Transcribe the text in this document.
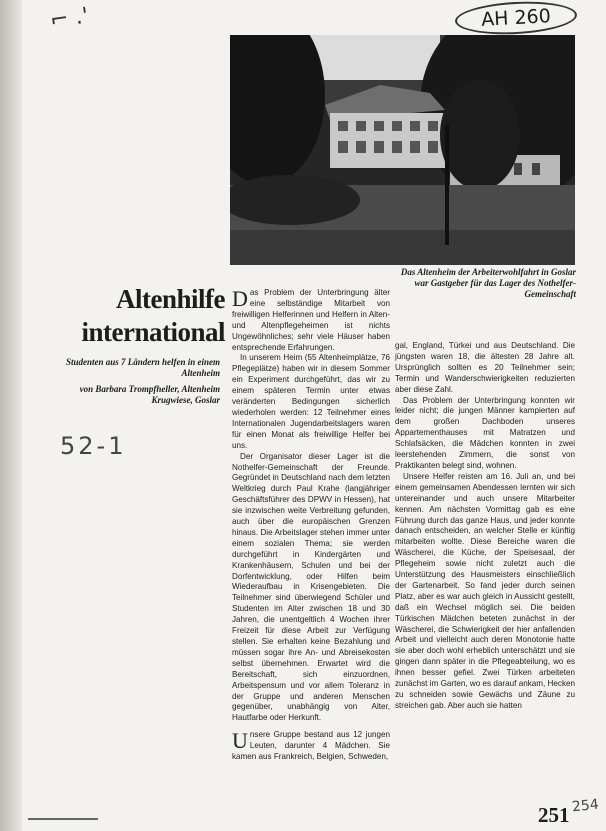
⌐ .'	AH 260
Das Altenheim der Arbeiterwohlfahrt in Goslar war Gastgeber für das Lager des Nothelfer-Gemeinschaft
Altenhilfe
international
Studenten aus 7 Ländern helfen in einem Altenheim
von Barbara Trompfheller, Altenheim Krugwiese, Goslar
52-1

Das Problem der Unterbringung älter eine selbständige Mitarbeit von freiwilligen Helferinnen und Helfern in Alten- und Altenpflegeheimen ist nichts Ungewöhnliches; sehr viele Häuser haben entsprechende Erfahrungen.

In unserem Heim (55 Altenheimplätze, 76 Pflegeplätze) haben wir in diesem Sommer ein Experiment durchgeführt, das wir zu einem späteren Termin unter etwas veränderten Bedingungen sicherlich wiederholen werden: 12 Teilnehmer eines Internationalen Jugendarbeitslagers waren für einen Monat als freiwillige Helfer bei uns.

Der Organisator dieser Lager ist die Nothelfer-Gemeinschaft der Freunde. Gegründet in Deutschland nach dem letzten Weltkrieg durch Paul Krahe (langjähriger Geschäftsführer des DPWV in Hessen), hat sie inzwischen weite Verbreitung gefunden, auch über die europäischen Grenzen hinaus. Die Arbeitslager stehen immer unter einem sozialen Thema; sie werden durchgeführt in Kindergärten und Krankenhäusern, Schulen und bei der Dorfentwicklung, oder Hilfen beim Wiederaufbau in Krisengebieten. Die Teilnehmer sind überwiegend Schüler und Studenten im Alter zwischen 18 und 30 Jahren, die unentgeltlich 4 Wochen ihrer Freizeit für diese Arbeit zur Verfügung stellen. Sie erhalten keine Bezahlung und müssen sogar ihre An- und Abreisekosten selbst übernehmen. Erwartet wird die Bereitschaft, sich einzuordnen, Arbeitspensum und vor allem Toleranz in der Gruppe und anderen Menschen gegenüber, unabhängig von Alter, Hautfarbe oder Herkunft.

Unsere Gruppe bestand aus 12 jungen Leuten, darunter 4 Mädchen. Sie kamen aus Frankreich, Belgien, Schweden,

gal, England, Türkei und aus Deutschland. Die jüngsten waren 18, die ältesten 28 Jahre alt. Ursprünglich sollten es 20 Teilnehmer sein; Termin und Wanderschwierigkeiten reduzierten aber diese Zahl.

Das Problem der Unterbringung konnten wir leider nicht; die jungen Männer kampierten auf dem großen Dachboden unseres Appartementhauses mit Matratzen und Schlafsäcken, die Mädchen konnten in zwei leerstehenden Zimmern, die sonst von Praktikanten belegt sind, wohnen.

Unsere Helfer reisten am 16. Juli an, und bei einem gemeinsamen Abendessen lernten wir sich untereinander und auch unsere Mitarbeiter kennen. Am nächsten Vormittag gab es eine Führung durch das ganze Haus, und jeder konnte danach entscheiden, an welcher Stelle er künftig mitarbeiten wollte. Diese Bereiche waren die Wäscherei, die Küche, der Speisesaal, der Pflegeheim sowie nicht zuletzt auch die Unterstützung des Hausmeisters einschließlich der Gartenarbeit. So fand jeder durch seinen Platz, aber es war auch gleich in Aussicht gestellt, daß ein Wechsel möglich sei. Die beiden Türkischen Mädchen beteten zunächst in der Wäscherei, die Schwierigkeit der hier anfallenden Arbeit und vielleicht auch deren Monotonie hatte sie aber doch wohl erheblich unterschätzt und sie gingen dann später in die Pflegeabteilung, wo es ihnen besser gefiel. Zwei Türken arbeiteten zunächst im Garten, wo es darauf ankam, Hecken zu schneiden sowie Gewächs und Zäune zu streichen gab. Aber auch sie hatten

251 254
